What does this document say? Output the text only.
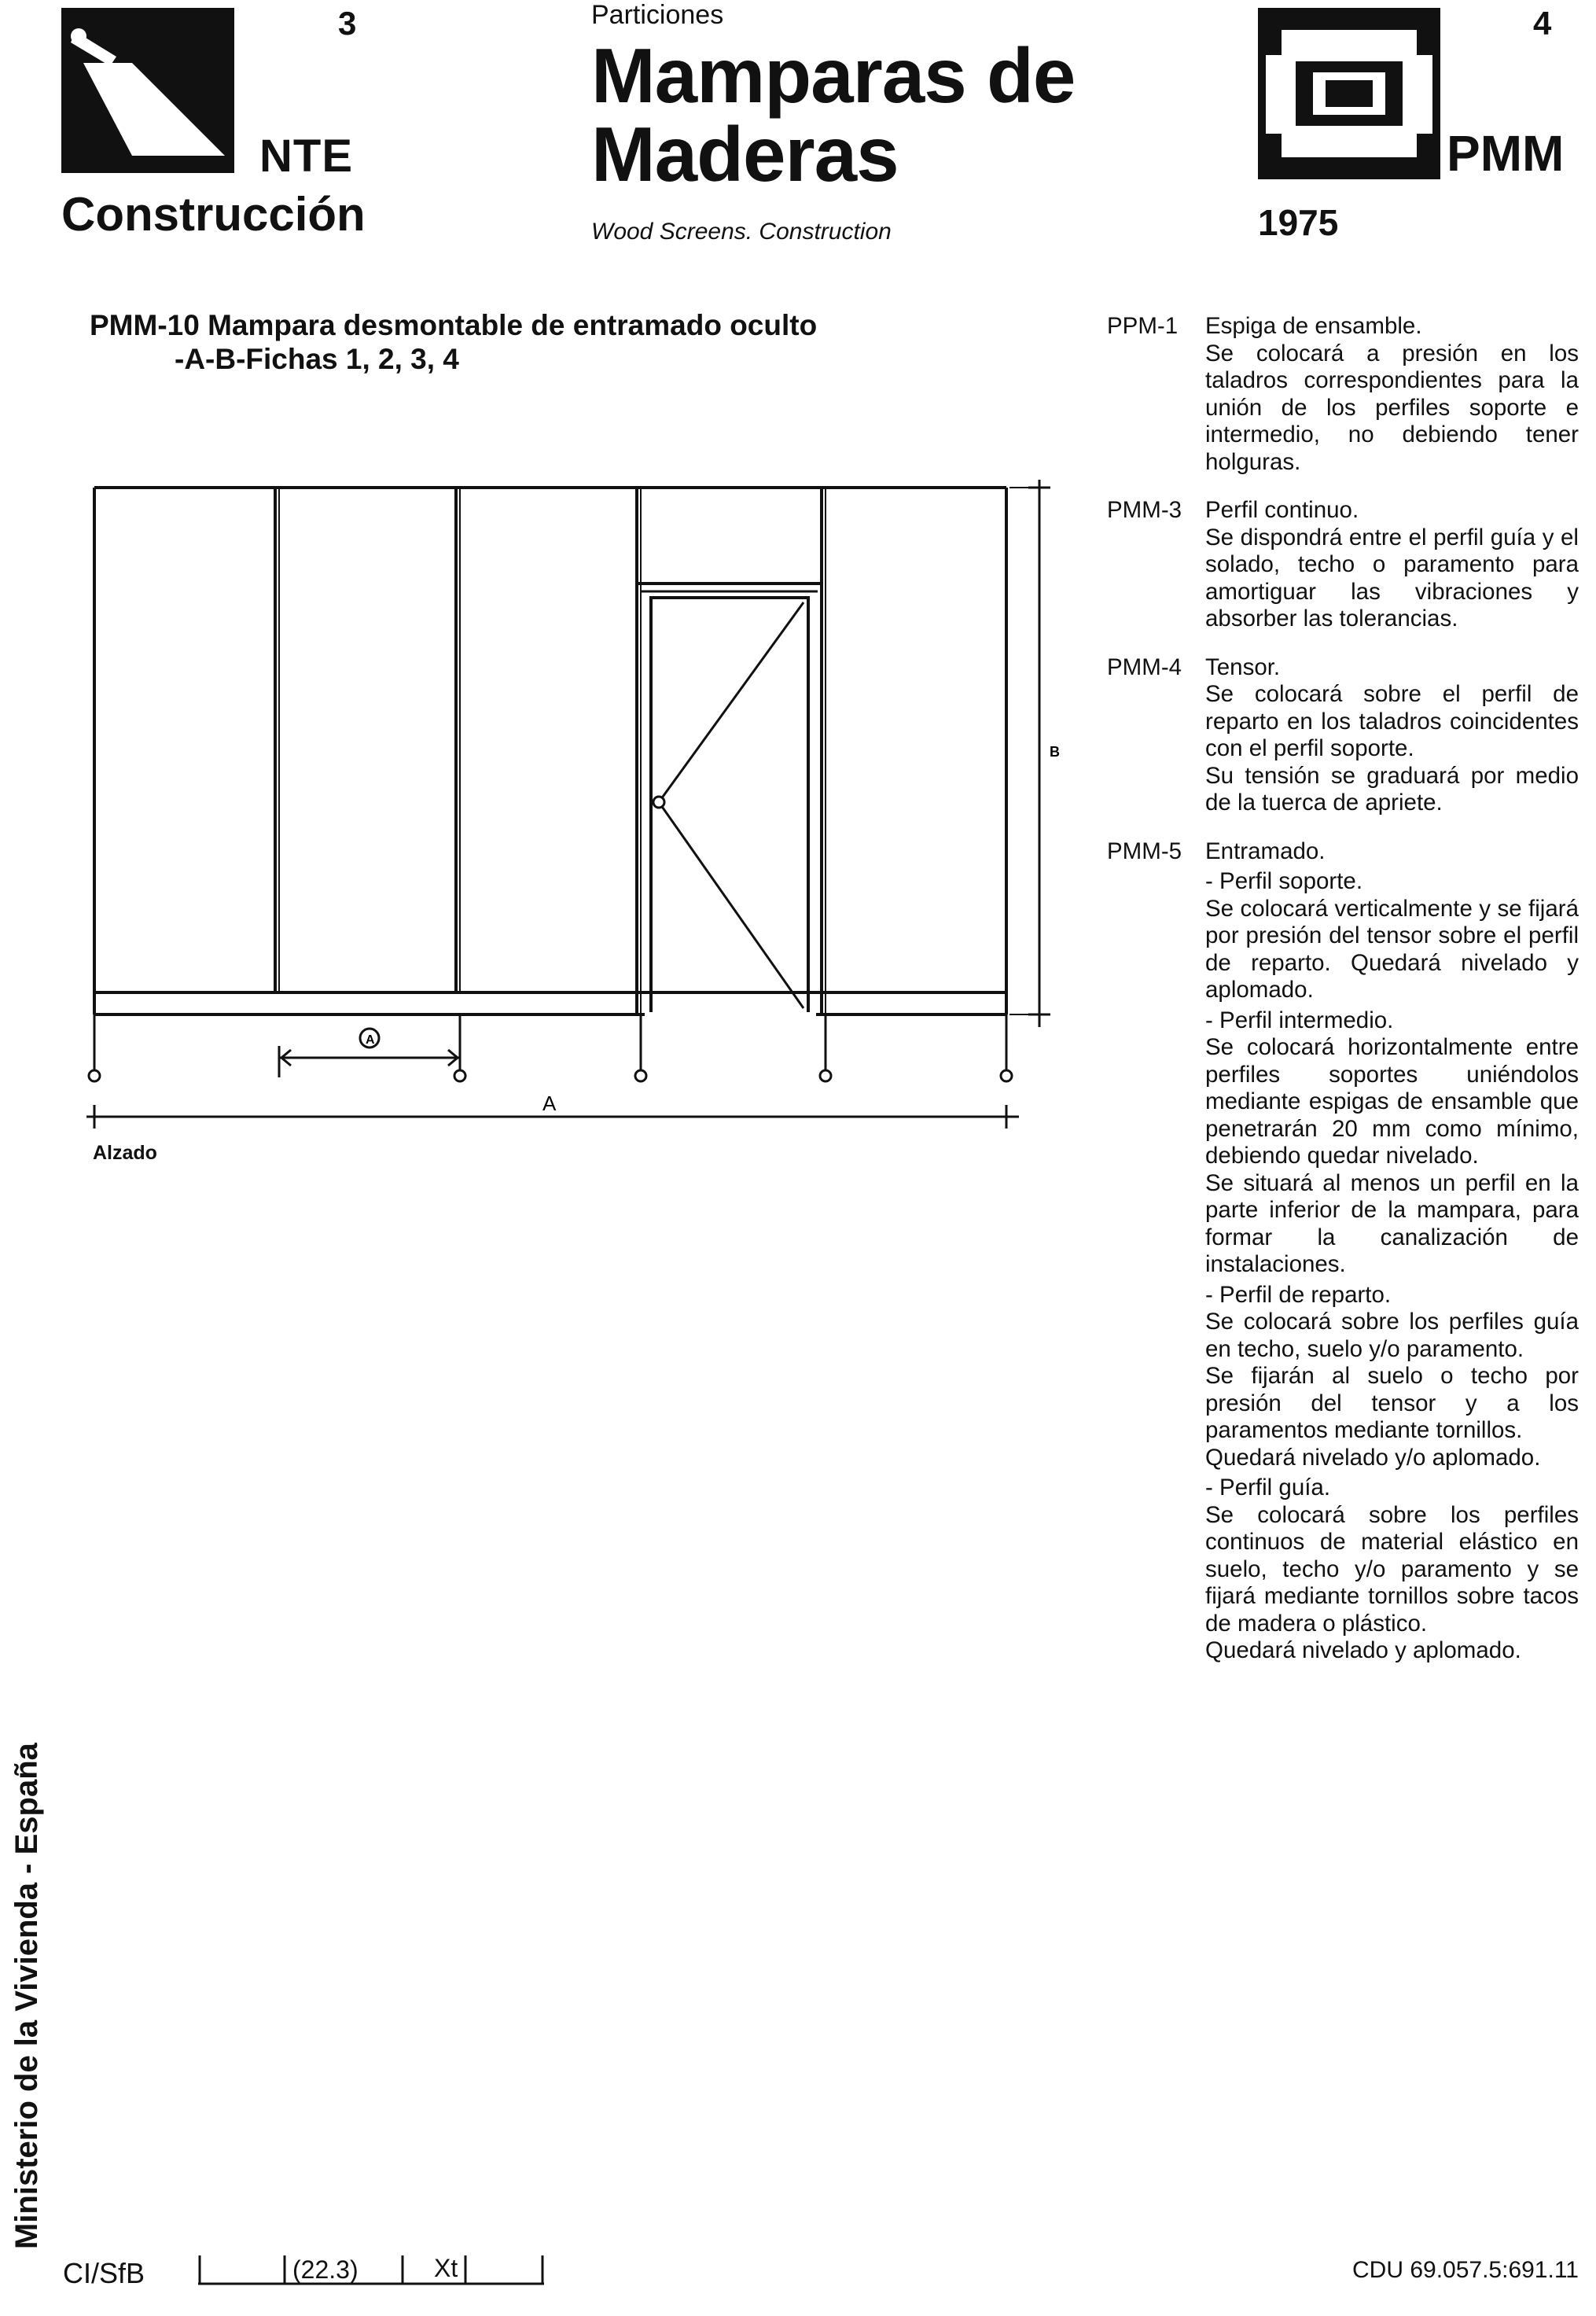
3
NTE
Construcción
Particiones
Mamparas de
Maderas
Wood Screens. Construction
4
PMM
1975
PMM-10 Mampara desmontable de entramado oculto
-A-B-Fichas 1, 2, 3, 4
B
A
A
Alzado
PPM-1	Espiga de ensamble.
Se colocará a presión en los taladros correspondientes para la unión de los perfiles soporte e intermedio, no debiendo tener holguras.
PMM-3	Perfil continuo.
Se dispondrá entre el perfil guía y el solado, techo o paramento para amortiguar las vibraciones y absorber las tolerancias.
PMM-4	Tensor.
Se colocará sobre el perfil de reparto en los taladros coincidentes con el perfil soporte.
Su tensión se graduará por medio de la tuerca de apriete.
PMM-5	Entramado.
- Perfil soporte.
Se colocará verticalmente y se fijará por presión del tensor sobre el perfil de reparto. Quedará nivelado y aplomado.
- Perfil intermedio.
Se colocará horizontalmente entre perfiles soportes uniéndolos mediante espigas de ensamble que penetrarán 20 mm como mínimo, debiendo quedar nivelado.
Se situará al menos un perfil en la parte inferior de la mampara, para formar la canalización de instalaciones.
- Perfil de reparto.
Se colocará sobre los perfiles guía en techo, suelo y/o paramento.
Se fijarán al suelo o techo por presión del tensor y a los paramentos mediante tornillos.
Quedará nivelado y/o aplomado.
- Perfil guía.
Se colocará sobre los perfiles continuos de material elástico en suelo, techo y/o paramento y se fijará mediante tornillos sobre tacos de madera o plástico.
Quedará nivelado y aplomado.
Ministerio de la Vivienda - España
CI/SfB	(22.3)	Xt	CDU 69.057.5:691.11
